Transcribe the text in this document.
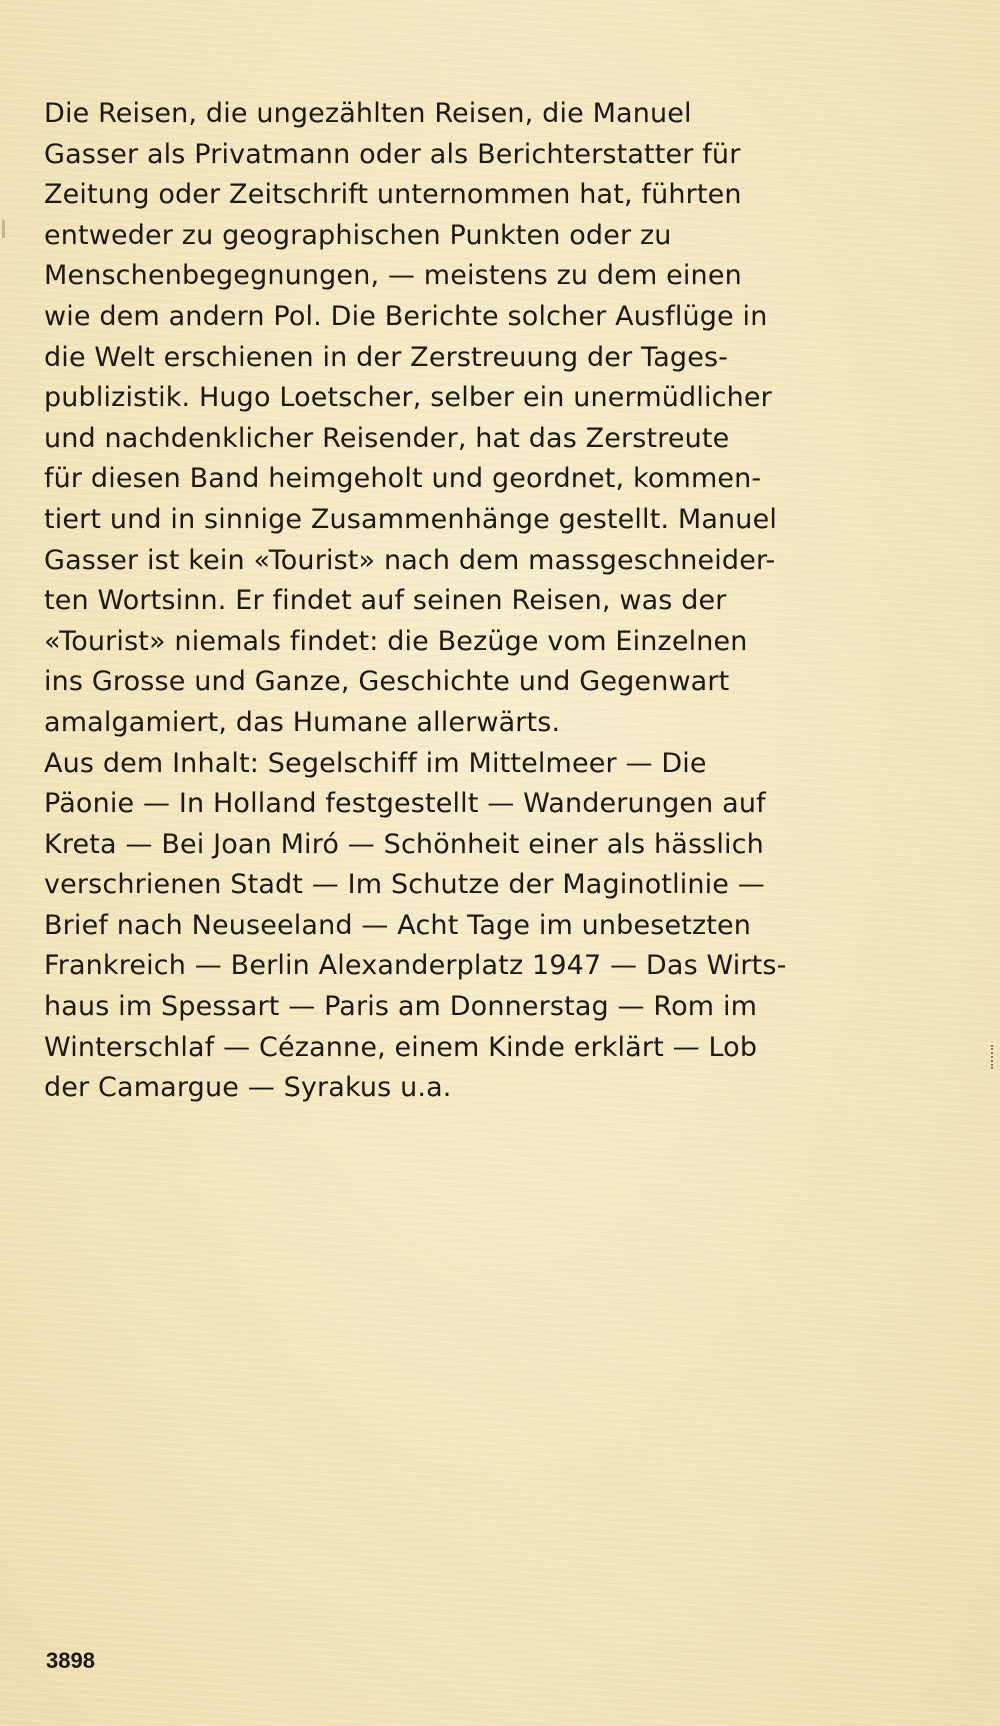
Die Reisen, die ungezählten Reisen, die Manuel
Gasser als Privatmann oder als Berichterstatter für
Zeitung oder Zeitschrift unternommen hat, führten
entweder zu geographischen Punkten oder zu
Menschenbegegnungen, — meistens zu dem einen
wie dem andern Pol. Die Berichte solcher Ausflüge in
die Welt erschienen in der Zerstreuung der Tages-
publizistik. Hugo Loetscher, selber ein unermüdlicher
und nachdenklicher Reisender, hat das Zerstreute
für diesen Band heimgeholt und geordnet, kommen-
tiert und in sinnige Zusammenhänge gestellt. Manuel
Gasser ist kein «Tourist» nach dem massgeschneider-
ten Wortsinn. Er findet auf seinen Reisen, was der
«Tourist» niemals findet: die Bezüge vom Einzelnen
ins Grosse und Ganze, Geschichte und Gegenwart
amalgamiert, das Humane allerwärts.
Aus dem Inhalt: Segelschiff im Mittelmeer — Die
Päonie — In Holland festgestellt — Wanderungen auf
Kreta — Bei Joan Miró — Schönheit einer als hässlich
verschrienen Stadt — Im Schutze der Maginotlinie —
Brief nach Neuseeland — Acht Tage im unbesetzten
Frankreich — Berlin Alexanderplatz 1947 — Das Wirts-
haus im Spessart — Paris am Donnerstag — Rom im
Winterschlaf — Cézanne, einem Kinde erklärt — Lob
der Camargue — Syrakus u.a.
3898
